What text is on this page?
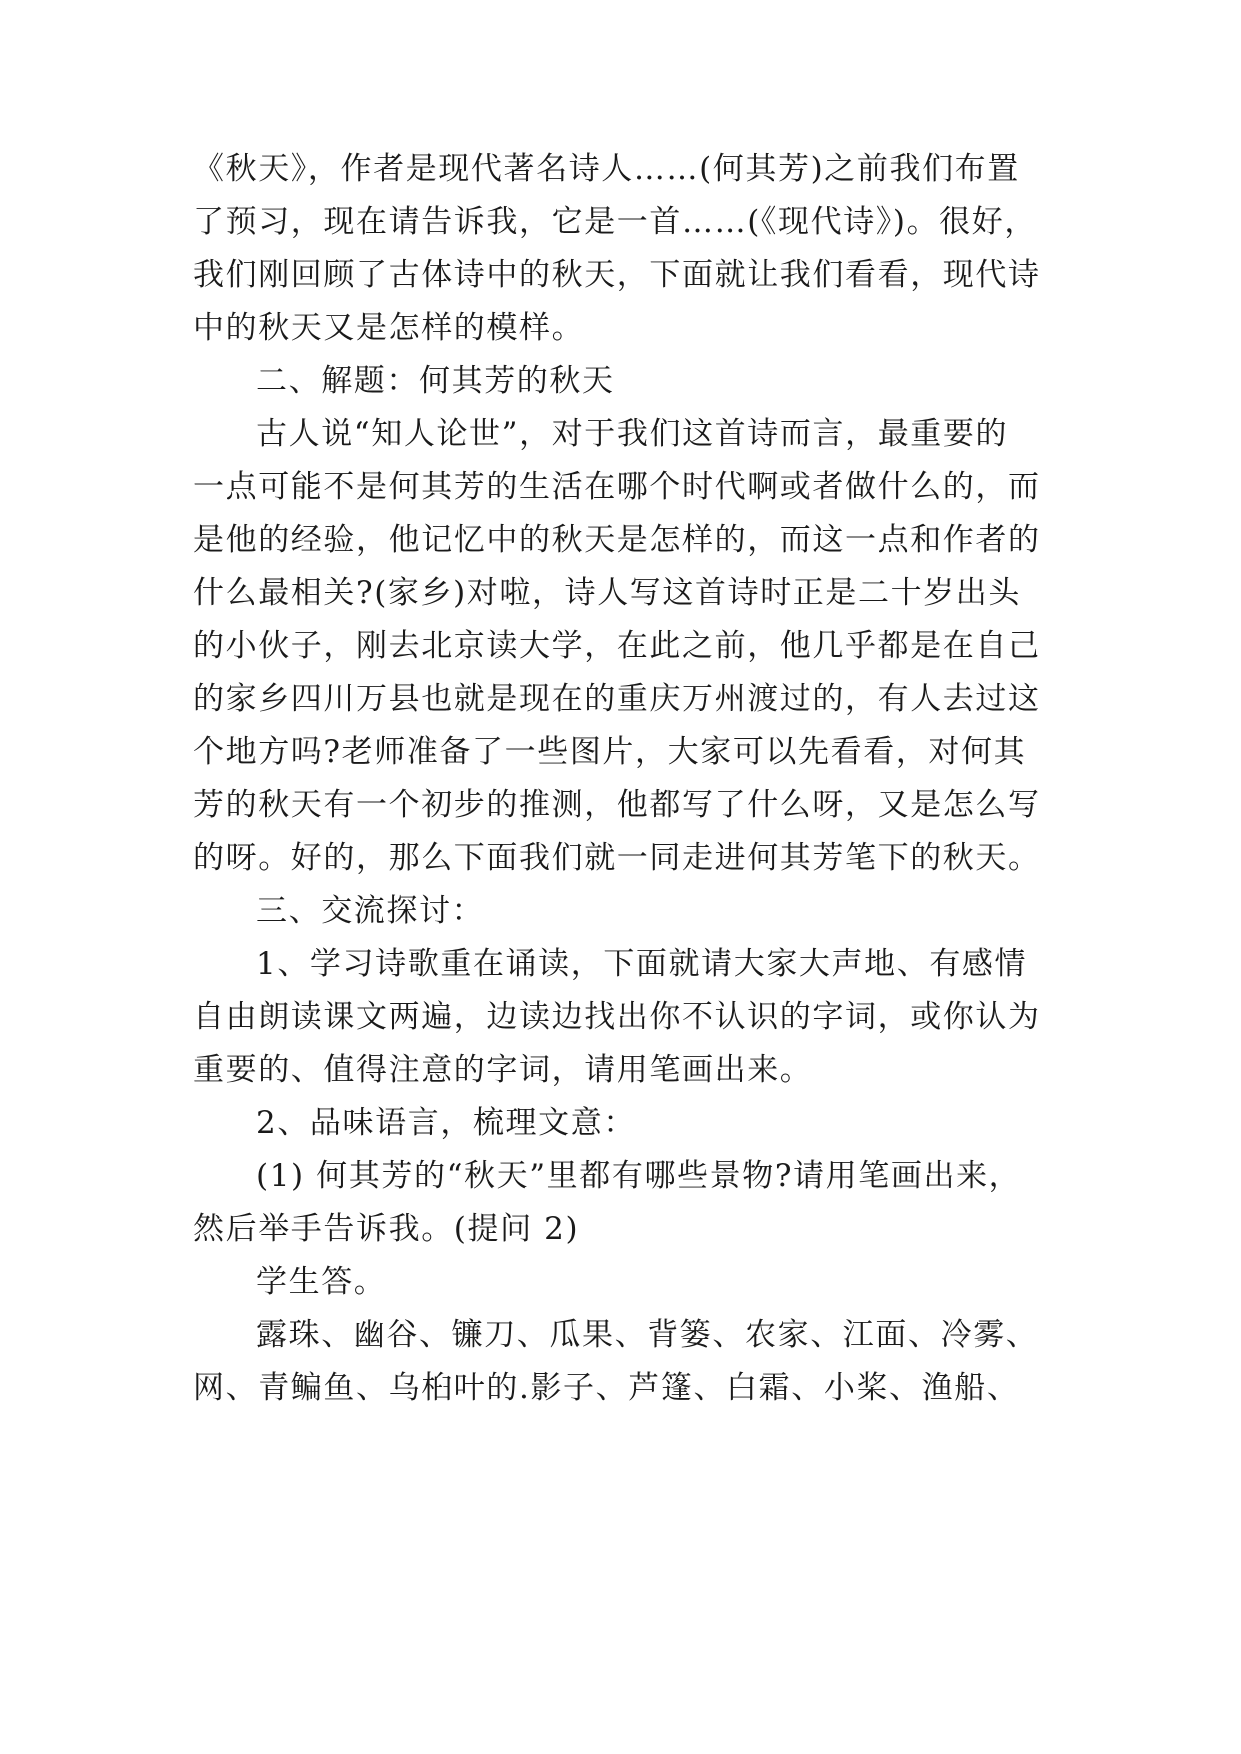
《秋天》，作者是现代著名诗人……(何其芳)之前我们布置
了预习，现在请告诉我，它是一首……(《现代诗》)。很好，
我们刚回顾了古体诗中的秋天，下面就让我们看看，现代诗
中的秋天又是怎样的模样。
二、解题：何其芳的秋天
古人说“知人论世”，对于我们这首诗而言，最重要的
一点可能不是何其芳的生活在哪个时代啊或者做什么的，而
是他的经验，他记忆中的秋天是怎样的，而这一点和作者的
什么最相关?(家乡)对啦，诗人写这首诗时正是二十岁出头
的小伙子，刚去北京读大学，在此之前，他几乎都是在自己
的家乡四川万县也就是现在的重庆万州渡过的，有人去过这
个地方吗?老师准备了一些图片，大家可以先看看，对何其
芳的秋天有一个初步的推测，他都写了什么呀，又是怎么写
的呀。好的，那么下面我们就一同走进何其芳笔下的秋天。
三、交流探讨：
1、学习诗歌重在诵读，下面就请大家大声地、有感情
自由朗读课文两遍，边读边找出你不认识的字词，或你认为
重要的、值得注意的字词，请用笔画出来。
2、品味语言，梳理文意：
(1) 何其芳的“秋天”里都有哪些景物?请用笔画出来，
然后举手告诉我。(提问 2)
学生答。
露珠、幽谷、镰刀、瓜果、背篓、农家、江面、冷雾、
网、青鳊鱼、乌桕叶的.影子、芦篷、白霜、小桨、渔船、
